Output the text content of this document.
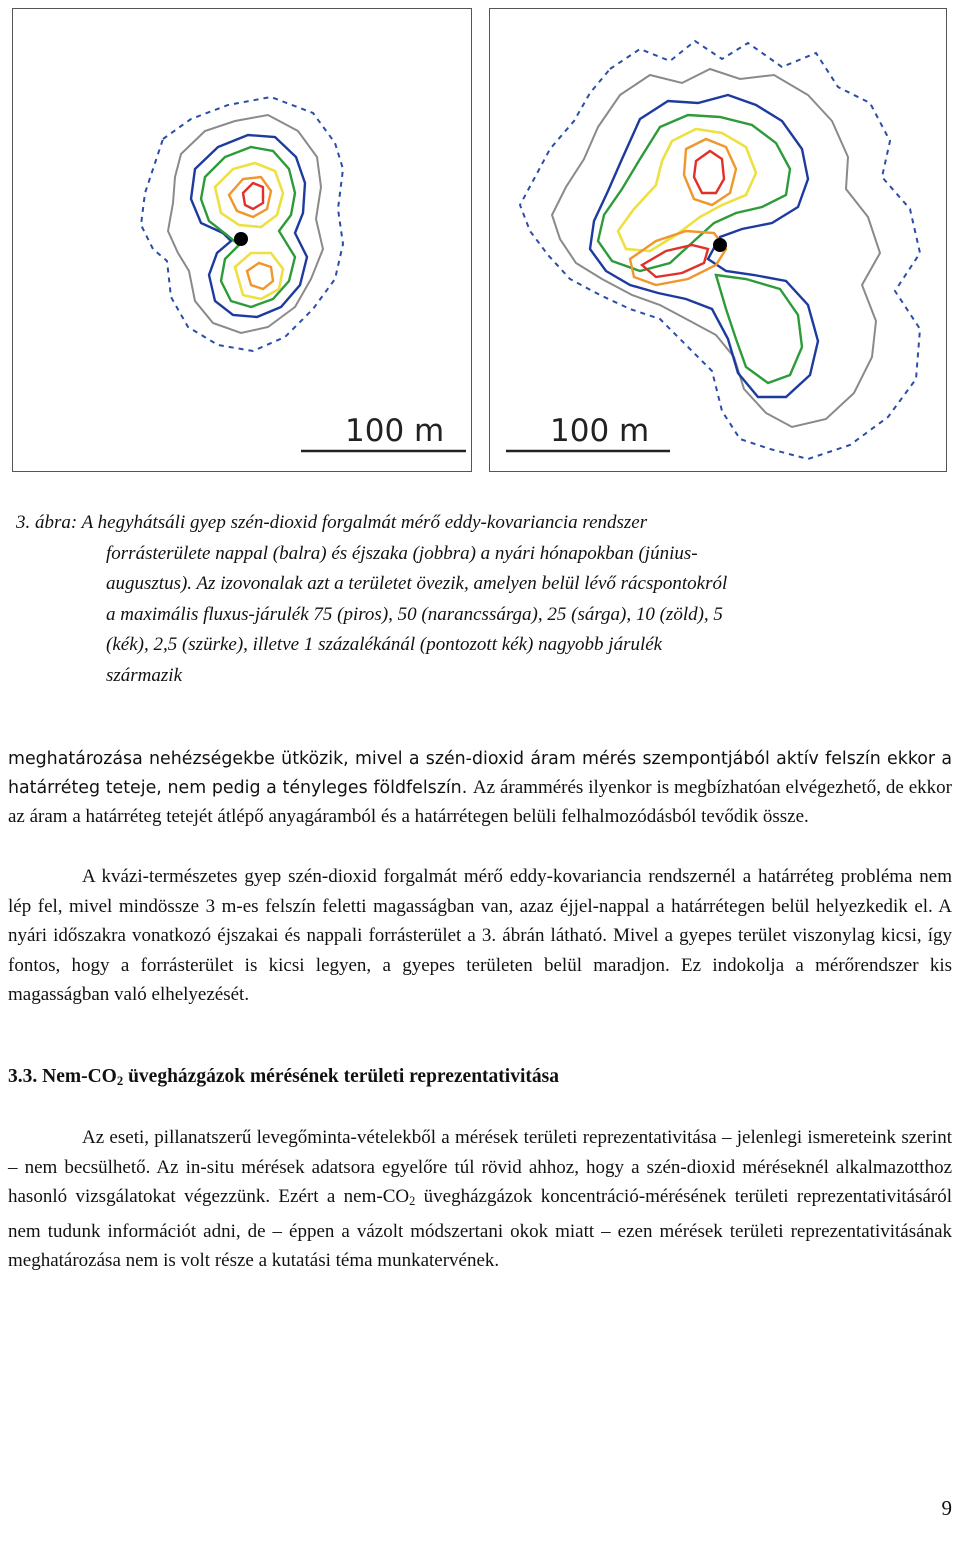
100 m	100 m
3. ábra: A hegyhátsáli gyep szén-dioxid forgalmát mérő eddy-kovariancia rendszer
forrásterülete nappal (balra) és éjszaka (jobbra) a nyári hónapokban (június-
augusztus). Az izovonalak azt a területet övezik, amelyen belül lévő rácspontokról
a maximális fluxus-járulék 75 (piros), 50 (narancssárga), 25 (sárga), 10 (zöld), 5
(kék), 2,5 (szürke), illetve 1 százalékánál (pontozott kék) nagyobb járulék
származik

meghatározása nehézségekbe ütközik, mivel a szén-dioxid áram mérés szempontjából aktív felszín ekkor a határréteg teteje, nem pedig a tényleges földfelszín. Az árammérés ilyenkor is megbízhatóan elvégezhető, de ekkor az áram a határréteg tetejét átlépő anyagáramból és a határrétegen belüli felhalmozódásból tevődik össze.

A kvázi-természetes gyep szén-dioxid forgalmát mérő eddy-kovariancia rendszernél a határréteg probléma nem lép fel, mivel mindössze 3 m-es felszín feletti magasságban van, azaz éjjel-nappal a határrétegen belül helyezkedik el. A nyári időszakra vonatkozó éjszakai és nappali forrásterület a 3. ábrán látható. Mivel a gyepes terület viszonylag kicsi, így fontos, hogy a forrásterület is kicsi legyen, a gyepes területen belül maradjon. Ez indokolja a mérőrendszer kis magasságban való elhelyezését.

3.3. Nem-$CO_2$ üvegházgázok mérésének területi reprezentativitása

Az eseti, pillanatszerű levegőminta-vételekből a mérések területi reprezentativitása – jelenlegi ismereteink szerint – nem becsülhető. Az in-situ mérések adatsora egyelőre túl rövid ahhoz, hogy a szén-dioxid méréseknél alkalmazotthoz hasonló vizsgálatokat végezzünk. Ezért a nem-$CO_2$ üvegházgázok koncentráció-mérésének területi reprezentativitásáról nem tudunk információt adni, de – éppen a vázolt módszertani okok miatt – ezen mérések területi reprezentativitásának meghatározása nem is volt része a kutatási téma munkatervének.

9
